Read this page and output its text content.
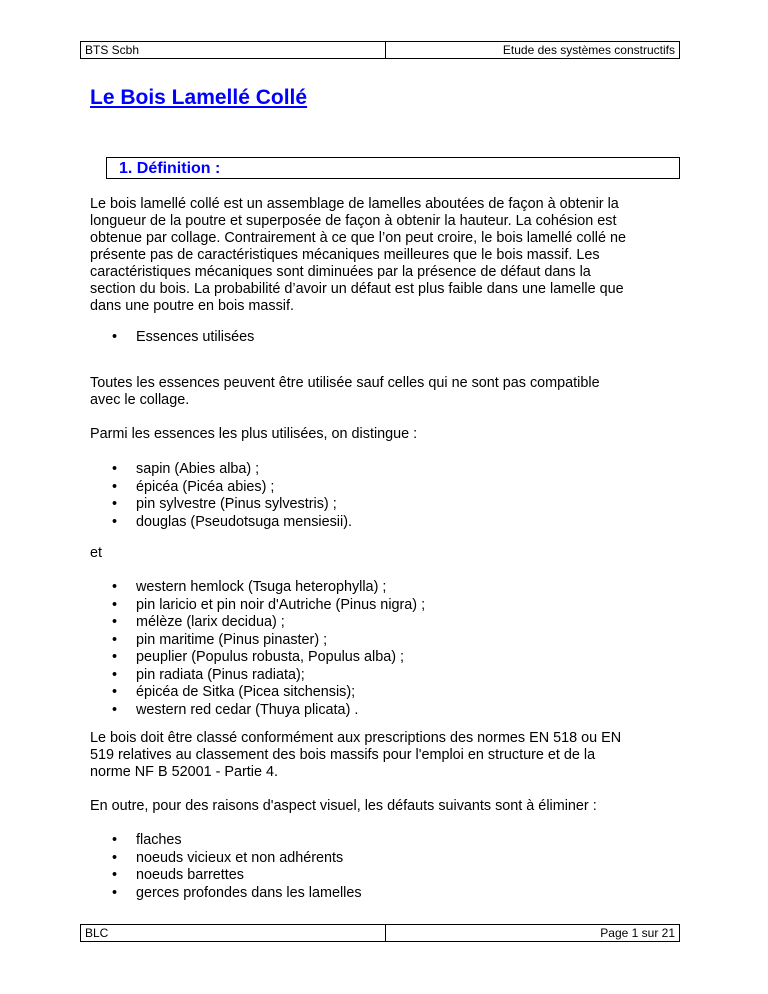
BTS Scbh	Etude des systèmes constructifs
Le Bois Lamellé Collé
1. Définition :
Le bois lamellé collé est un assemblage de lamelles aboutées de façon à obtenir la
longueur de la poutre et superposée de façon à obtenir la hauteur. La cohésion est
obtenue par collage. Contrairement à ce que l’on peut croire, le bois lamellé collé ne
présente pas de caractéristiques mécaniques meilleures que le bois massif. Les
caractéristiques mécaniques sont diminuées par la présence de défaut dans la
section du bois. La probabilité d’avoir un défaut est plus faible dans une lamelle que
dans une poutre en bois massif.
• Essences utilisées
Toutes les essences peuvent être utilisée sauf celles qui ne sont pas compatible
avec le collage.
Parmi les essences les plus utilisées, on distingue :
• sapin (Abies alba) ;
• épicéa (Picéa abies) ;
• pin sylvestre (Pinus sylvestris) ;
• douglas (Pseudotsuga mensiesii).
et
• western hemlock (Tsuga heterophylla) ;
• pin laricio et pin noir d'Autriche (Pinus nigra) ;
• mélèze (larix decidua) ;
• pin maritime (Pinus pinaster) ;
• peuplier (Populus robusta, Populus alba) ;
• pin radiata (Pinus radiata);
• épicéa de Sitka (Picea sitchensis);
• western red cedar (Thuya plicata) .
Le bois doit être classé conformément aux prescriptions des normes EN 518 ou EN
519 relatives au classement des bois massifs pour l'emploi en structure et de la
norme NF B 52001 - Partie 4.
En outre, pour des raisons d'aspect visuel, les défauts suivants sont à éliminer :
• flaches
• noeuds vicieux et non adhérents
• noeuds barrettes
• gerces profondes dans les lamelles
BLC	Page 1 sur 21
